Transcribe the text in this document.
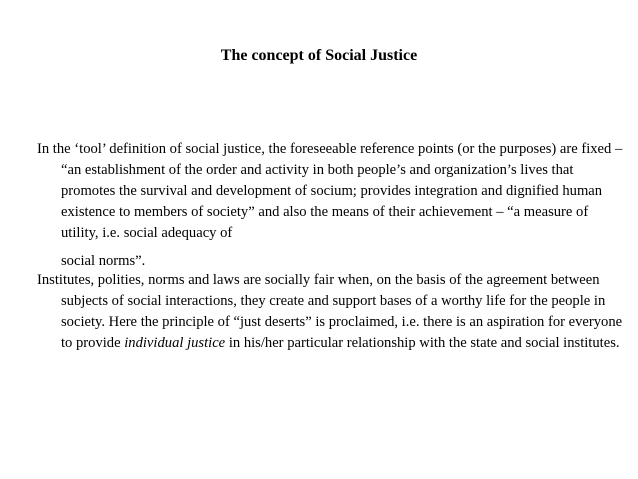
The concept of Social Justice

In the ‘tool’ definition of social justice, the foreseeable reference points (or the purposes) are fixed – “an establishment of the order and activity in both people’s and organization’s lives that promotes the survival and development of socium; provides integration and dignified human existence to members of society” and also the means of their achievement – “a measure of utility, i.e. social adequacy of
social norms”.

Institutes, polities, norms and laws are socially fair when, on the basis of the agreement between subjects of social interactions, they create and support bases of a worthy life for the people in society. Here the principle of “just deserts” is proclaimed, i.e. there is an aspiration for everyone to provide individual justice in his/her particular relationship with the state and social institutes.
